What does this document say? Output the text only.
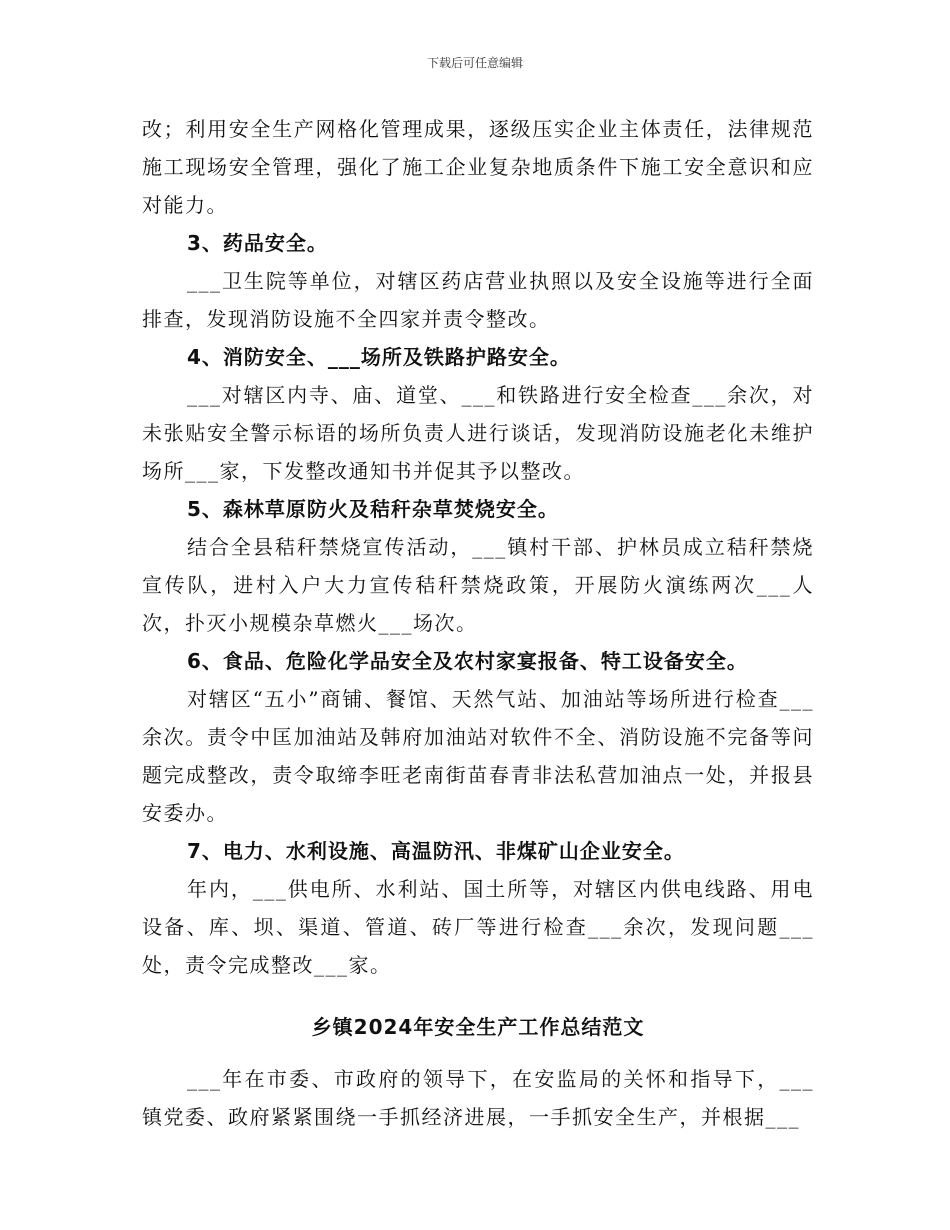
下载后可任意编辑

改；利用安全生产网格化管理成果，逐级压实企业主体责任，法律规范施工现场安全管理，强化了施工企业复杂地质条件下施工安全意识和应对能力。

3、药品安全。

___卫生院等单位，对辖区药店营业执照以及安全设施等进行全面排查，发现消防设施不全四家并责令整改。

4、消防安全、___场所及铁路护路安全。

___对辖区内寺、庙、道堂、___和铁路进行安全检查___余次，对未张贴安全警示标语的场所负责人进行谈话，发现消防设施老化未维护场所___家，下发整改通知书并促其予以整改。

5、森林草原防火及秸秆杂草焚烧安全。

结合全县秸秆禁烧宣传活动，___镇村干部、护林员成立秸秆禁烧宣传队，进村入户大力宣传秸秆禁烧政策，开展防火演练两次___人次，扑灭小规模杂草燃火___场次。

6、食品、危险化学品安全及农村家宴报备、特工设备安全。

对辖区“五小”商铺、餐馆、天然气站、加油站等场所进行检查___余次。责令中匡加油站及韩府加油站对软件不全、消防设施不完备等问题完成整改，责令取缔李旺老南街苗春青非法私营加油点一处，并报县安委办。

7、电力、水利设施、高温防汛、非煤矿山企业安全。

年内，___供电所、水利站、国土所等，对辖区内供电线路、用电设备、库、坝、渠道、管道、砖厂等进行检查___余次，发现问题___处，责令完成整改___家。

乡镇2024年安全生产工作总结范文

___年在市委、市政府的领导下，在安监局的关怀和指导下，___镇党委、政府紧紧围绕一手抓经济进展，一手抓安全生产，并根据___
